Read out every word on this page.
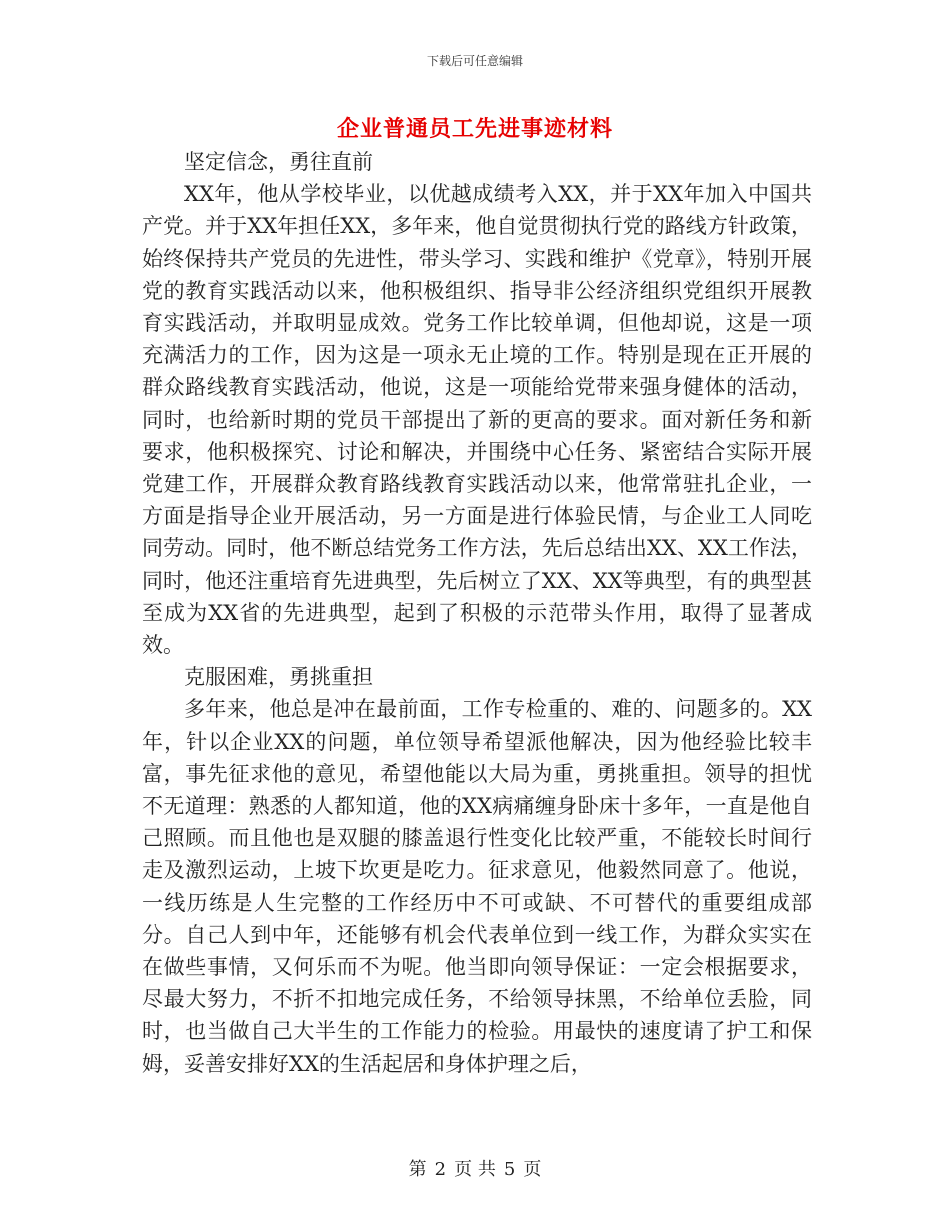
下载后可任意编辑
企业普通员工先进事迹材料

坚定信念，勇往直前

XX年，他从学校毕业，以优越成绩考入XX，并于XX年加入中国共产党。并于XX年担任XX，多年来，他自觉贯彻执行党的路线方针政策，始终保持共产党员的先进性，带头学习、实践和维护《党章》，特别开展党的教育实践活动以来，他积极组织、指导非公经济组织党组织开展教育实践活动，并取明显成效。党务工作比较单调，但他却说，这是一项充满活力的工作，因为这是一项永无止境的工作。特别是现在正开展的群众路线教育实践活动，他说，这是一项能给党带来强身健体的活动，同时，也给新时期的党员干部提出了新的更高的要求。面对新任务和新要求，他积极探究、讨论和解决，并围绕中心任务、紧密结合实际开展党建工作，开展群众教育路线教育实践活动以来，他常常驻扎企业，一方面是指导企业开展活动，另一方面是进行体验民情，与企业工人同吃同劳动。同时，他不断总结党务工作方法，先后总结出XX、XX工作法，同时，他还注重培育先进典型，先后树立了XX、XX等典型，有的典型甚至成为XX省的先进典型，起到了积极的示范带头作用，取得了显著成效。

克服困难，勇挑重担

多年来，他总是冲在最前面，工作专检重的、难的、问题多的。XX年，针以企业XX的问题，单位领导希望派他解决，因为他经验比较丰富，事先征求他的意见，希望他能以大局为重，勇挑重担。领导的担忧不无道理：熟悉的人都知道，他的XX病痛缠身卧床十多年，一直是他自己照顾。而且他也是双腿的膝盖退行性变化比较严重，不能较长时间行走及激烈运动，上坡下坎更是吃力。征求意见，他毅然同意了。他说，一线历练是人生完整的工作经历中不可或缺、不可替代的重要组成部分。自己人到中年，还能够有机会代表单位到一线工作，为群众实实在在做些事情，又何乐而不为呢。他当即向领导保证：一定会根据要求，尽最大努力，不折不扣地完成任务，不给领导抹黑，不给单位丢脸，同时，也当做自己大半生的工作能力的检验。用最快的速度请了护工和保姆，妥善安排好XX的生活起居和身体护理之后，

第 2 页 共 5 页
